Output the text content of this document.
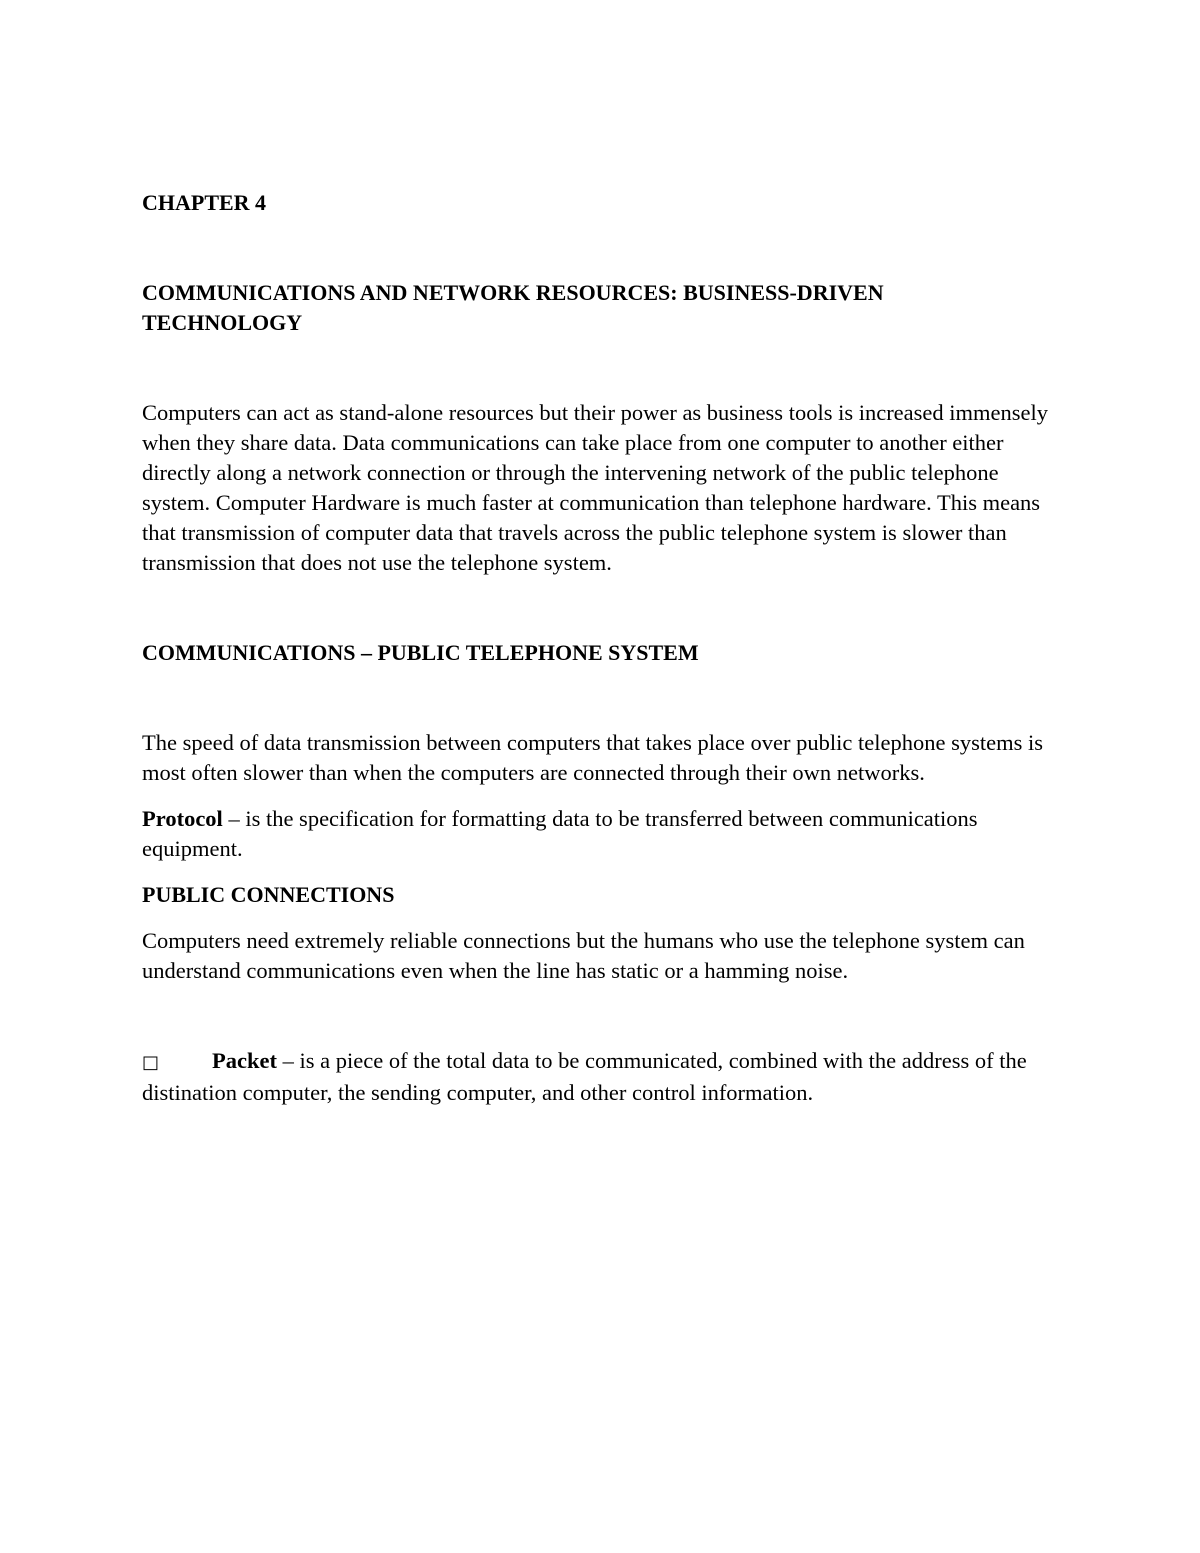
CHAPTER 4

COMMUNICATIONS AND NETWORK RESOURCES: BUSINESS-DRIVEN

TECHNOLOGY

Computers can act as stand-alone resources but their power as business tools is increased immensely when they share data. Data communications can take place from one computer to another either directly along a network connection or through the intervening network of the public telephone system. Computer Hardware is much faster at communication than telephone hardware. This means that transmission of computer data that travels across the public telephone system is slower than transmission that does not use the telephone system.

COMMUNICATIONS – PUBLIC TELEPHONE SYSTEM

The speed of data transmission between computers that takes place over public telephone systems is most often slower than when the computers are connected through their own networks.

Protocol – is the specification for formatting data to be transferred between communications equipment.

PUBLIC CONNECTIONS

Computers need extremely reliable connections but the humans who use the telephone system can understand communications even when the line has static or a hamming noise.

□ Packet – is a piece of the total data to be communicated, combined with the address of the distination computer, the sending computer, and other control information.
